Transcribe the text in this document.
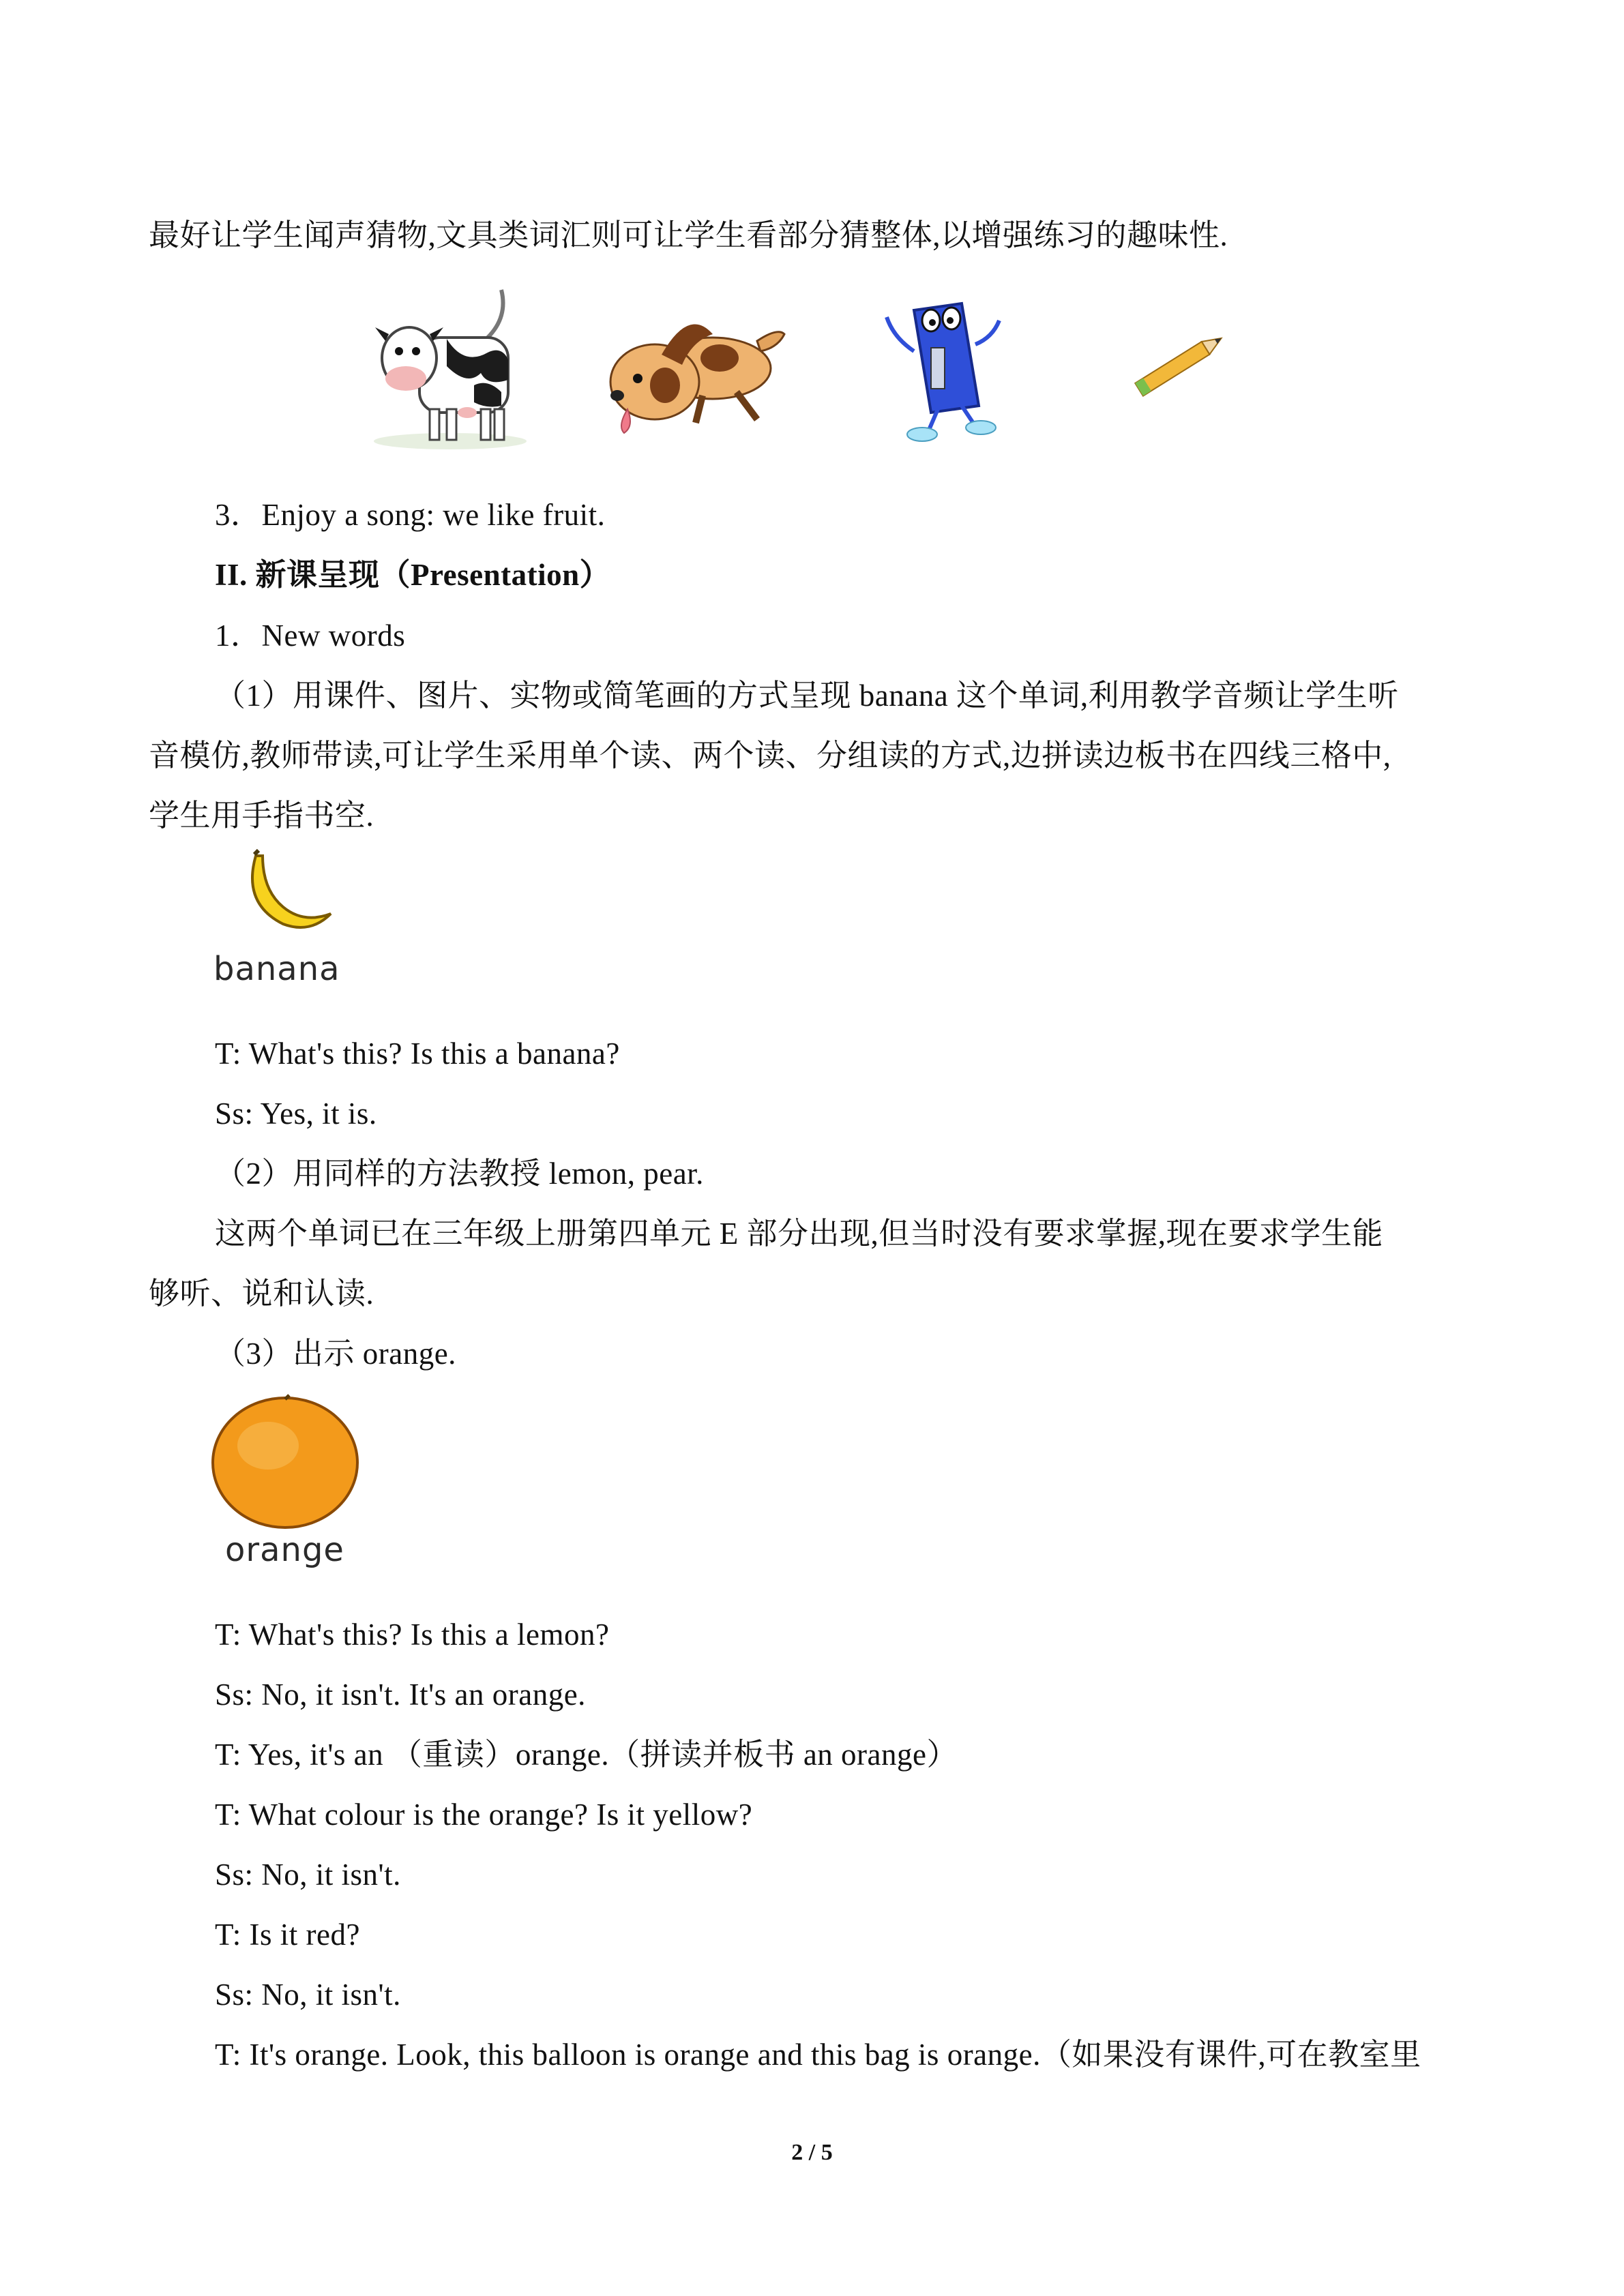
最好让学生闻声猜物,文具类词汇则可让学生看部分猜整体,以增强练习的趣味性.
3．Enjoy a song: we like fruit.
II. 新课呈现（Presentation）
1．New words
（1）用课件、图片、实物或简笔画的方式呈现 banana 这个单词,利用教学音频让学生听
音模仿,教师带读,可让学生采用单个读、两个读、分组读的方式,边拼读边板书在四线三格中,
学生用手指书空.
banana
T: What's this? Is this a banana?
Ss: Yes, it is.
（2）用同样的方法教授 lemon, pear.
这两个单词已在三年级上册第四单元 E 部分出现,但当时没有要求掌握,现在要求学生能
够听、说和认读.
（3）出示 orange.
orange
T: What's this? Is this a lemon?
Ss: No, it isn't. It's an orange.
T: Yes, it's an （重读）orange.（拼读并板书 an orange）
T: What colour is the orange? Is it yellow?
Ss: No, it isn't.
T: Is it red?
Ss: No, it isn't.
T: It's orange. Look, this balloon is orange and this bag is orange.（如果没有课件,可在教室里
2 / 5
